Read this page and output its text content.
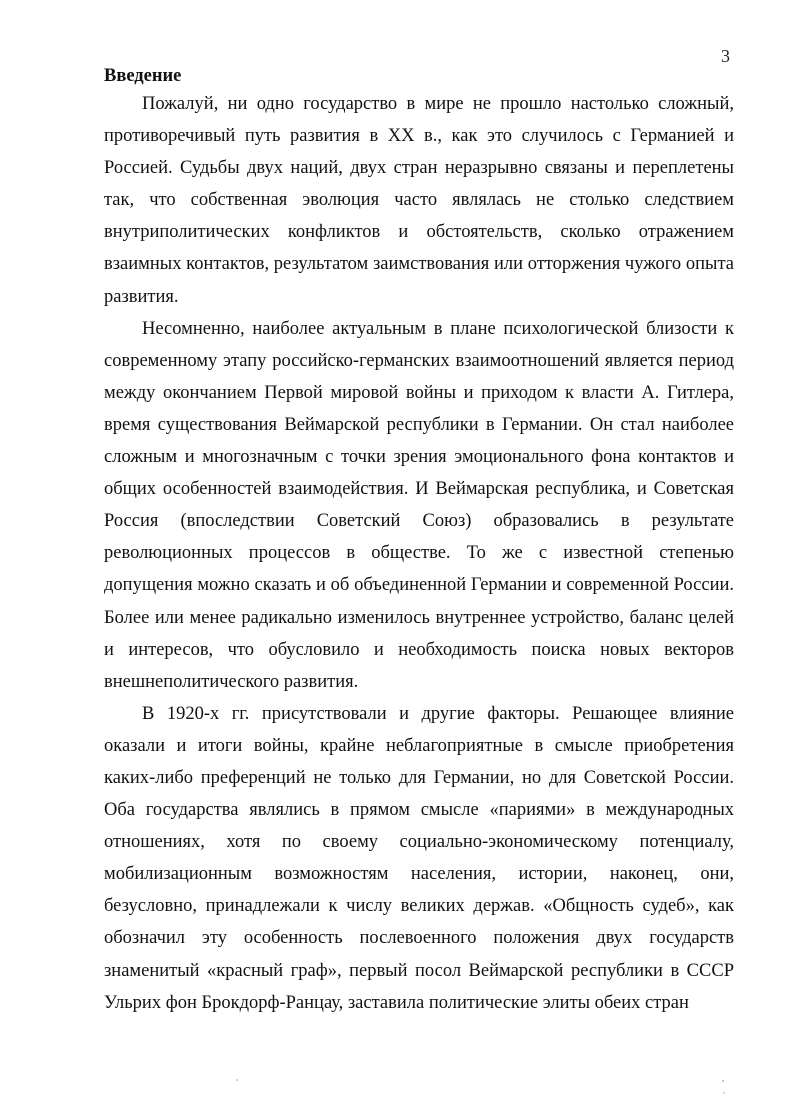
3
Введение

Пожалуй, ни одно государство в мире не прошло настолько сложный, противоречивый путь развития в XX в., как это случилось с Германией и Россией. Судьбы двух наций, двух стран неразрывно связаны и переплетены так, что собственная эволюция часто являлась не столько следствием внутриполитических конфликтов и обстоятельств, сколько отражением взаимных контактов, результатом заимствования или отторжения чужого опыта развития.

Несомненно, наиболее актуальным в плане психологической близости к современному этапу российско-германских взаимоотношений является период между окончанием Первой мировой войны и приходом к власти А. Гитлера, время существования Веймарской республики в Германии. Он стал наиболее сложным и многозначным с точки зрения эмоционального фона контактов и общих особенностей взаимодействия. И Веймарская республика, и Советская Россия (впоследствии Советский Союз) образовались в результате революционных процессов в обществе. То же с известной степенью допущения можно сказать и об объединенной Германии и современной России. Более или менее радикально изменилось внутреннее устройство, баланс целей и интересов, что обусловило и необходимость поиска новых векторов внешнеполитического развития.

В 1920-х гг. присутствовали и другие факторы. Решающее влияние оказали и итоги войны, крайне неблагоприятные в смысле приобретения каких-либо преференций не только для Германии, но для Советской России. Оба государства являлись в прямом смысле «париями» в международных отношениях, хотя по своему социально-экономическому потенциалу, мобилизационным возможностям населения, истории, наконец, они, безусловно, принадлежали к числу великих держав. «Общность судеб», как обозначил эту особенность послевоенного положения двух государств знаменитый «красный граф», первый посол Веймарской республики в СССР Ульрих фон Брокдорф-Ранцау, заставила политические элиты обеих стран
